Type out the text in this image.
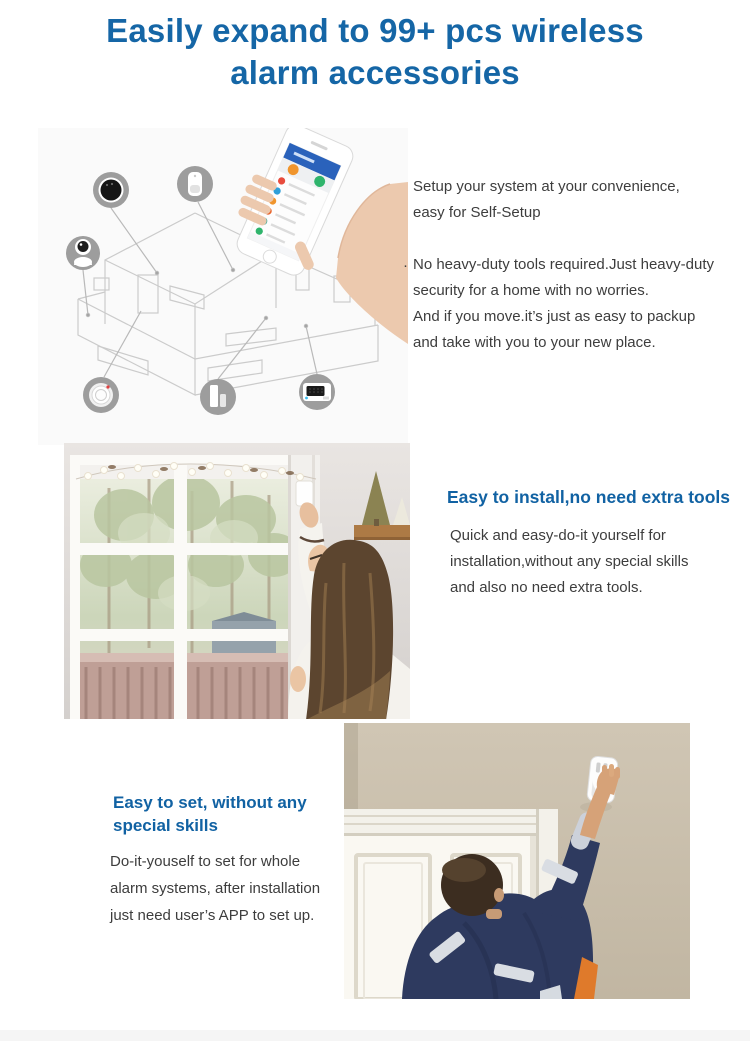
Easily expand to 99+ pcs wireless
alarm accessories
Setup your system at your convenience,
easy for Self-Setup
· No heavy-duty tools required.Just heavy-duty
security for a home with no worries.
And if you move.it’s just as easy to packup
and take with you to your new place.
Easy to install,no need extra tools
Quick and easy-do-it yourself for
installation,without any special skills
and also no need extra tools.
Easy to set, without any
special skills
Do-it-youself to set for whole
alarm systems, after installation
just need user’s APP to set up.
